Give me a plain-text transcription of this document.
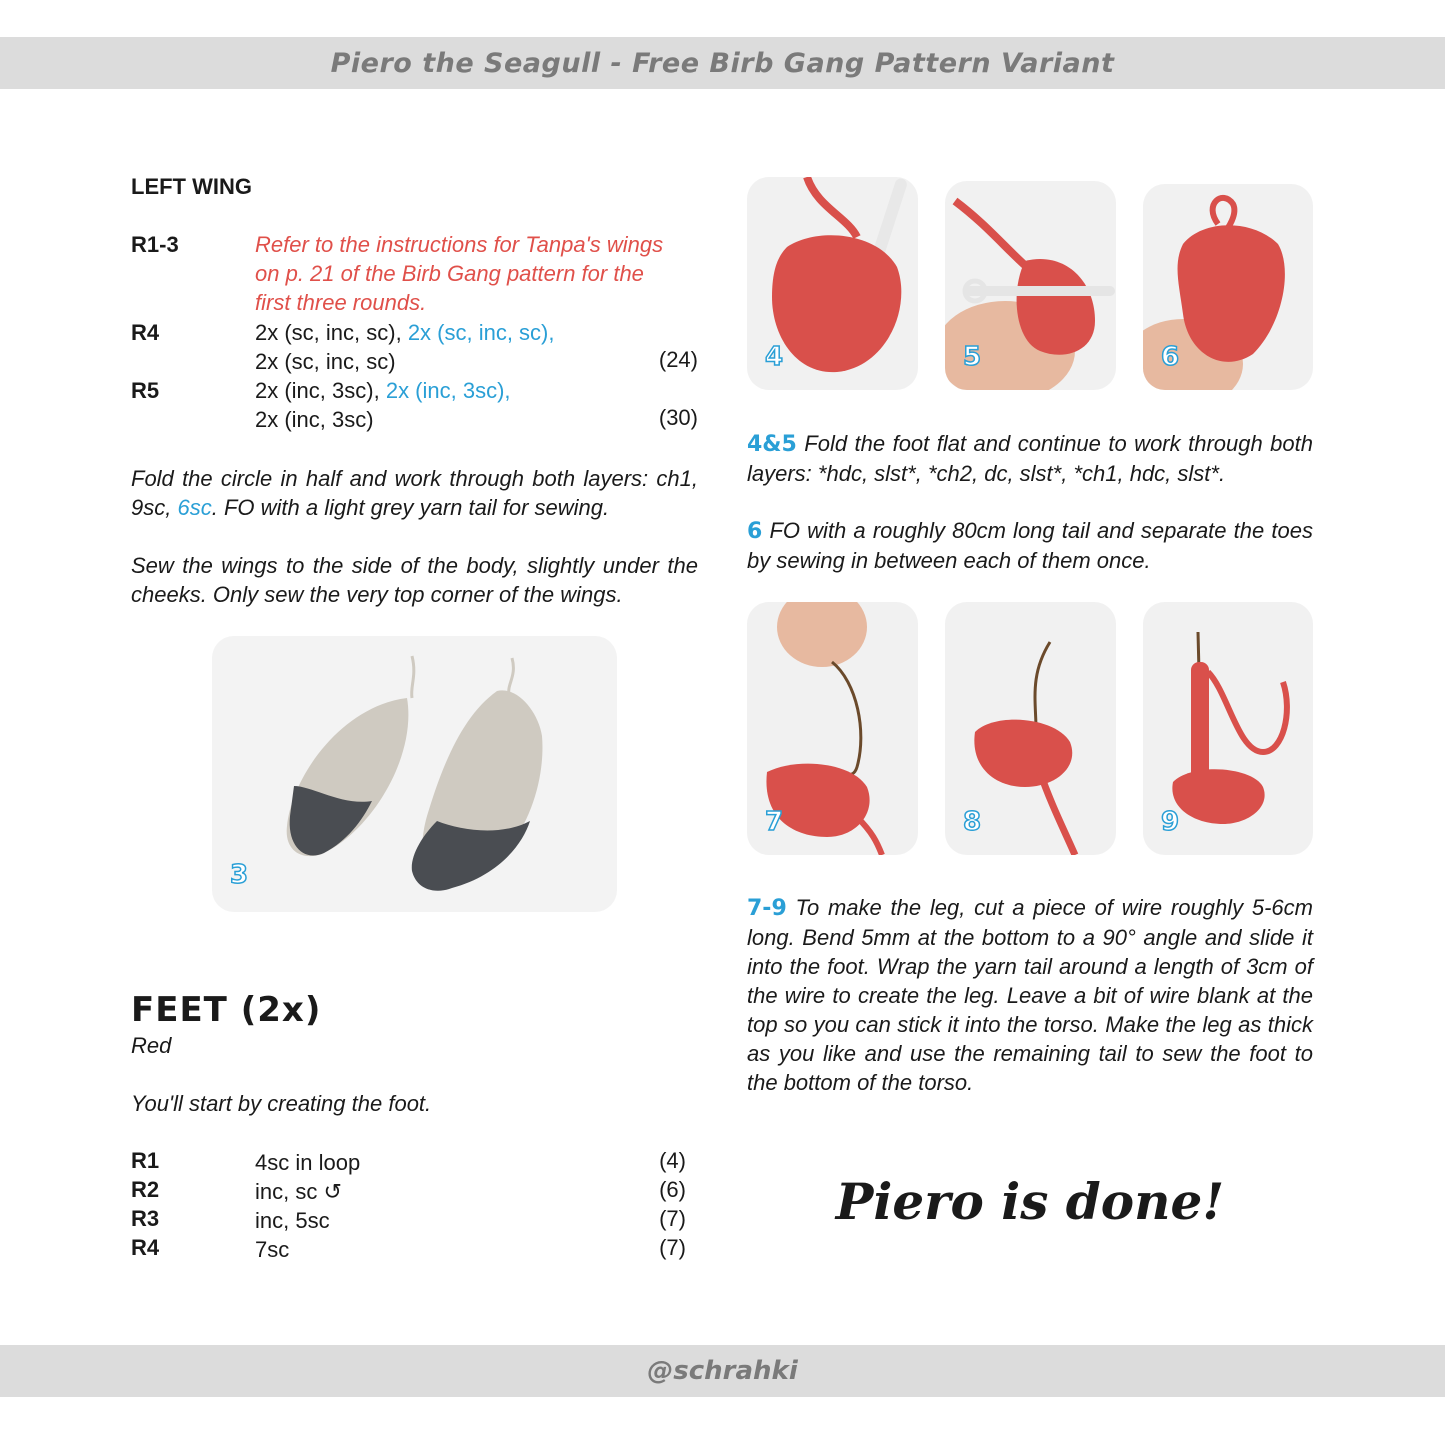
Piero the Seagull - Free Birb Gang Pattern Variant
LEFT WING
R1-3	Refer to the instructions for Tanpa's wings
on p. 21 of the Birb Gang pattern for the
first three rounds.
R4	2x (sc, inc, sc), 2x (sc, inc, sc),
2x (sc, inc, sc)	(24)
R5	2x (inc, 3sc), 2x (inc, 3sc),
2x (inc, 3sc)	(30)
Fold the circle in half and work through both layers: ch1, 9sc, 6sc. FO with a light grey yarn tail for sewing.
Sew the wings to the side of the body, slightly under the cheeks. Only sew the very top corner of the wings.
3
FEET (2x)
Red
You'll start by creating the foot.
R1	4sc in loop	(4)
R2	inc, sc ↺	(6)
R3	inc, 5sc	(7)
R4	7sc	(7)
4	5	6
4&5 Fold the foot flat and continue to work through both layers: *hdc, slst*, *ch2, dc, slst*, *ch1, hdc, slst*.
6 FO with a roughly 80cm long tail and separate the toes by sewing in between each of them once.
7	8	9
7-9 To make the leg, cut a piece of wire roughly 5-6cm long. Bend 5mm at the bottom to a 90° angle and slide it into the foot. Wrap the yarn tail around a length of 3cm of the wire to create the leg. Leave a bit of wire blank at the top so you can stick it into the torso. Make the leg as thick as you like and use the remaining tail to sew the foot to the bottom of the torso.
Piero is done!
@schrahki
